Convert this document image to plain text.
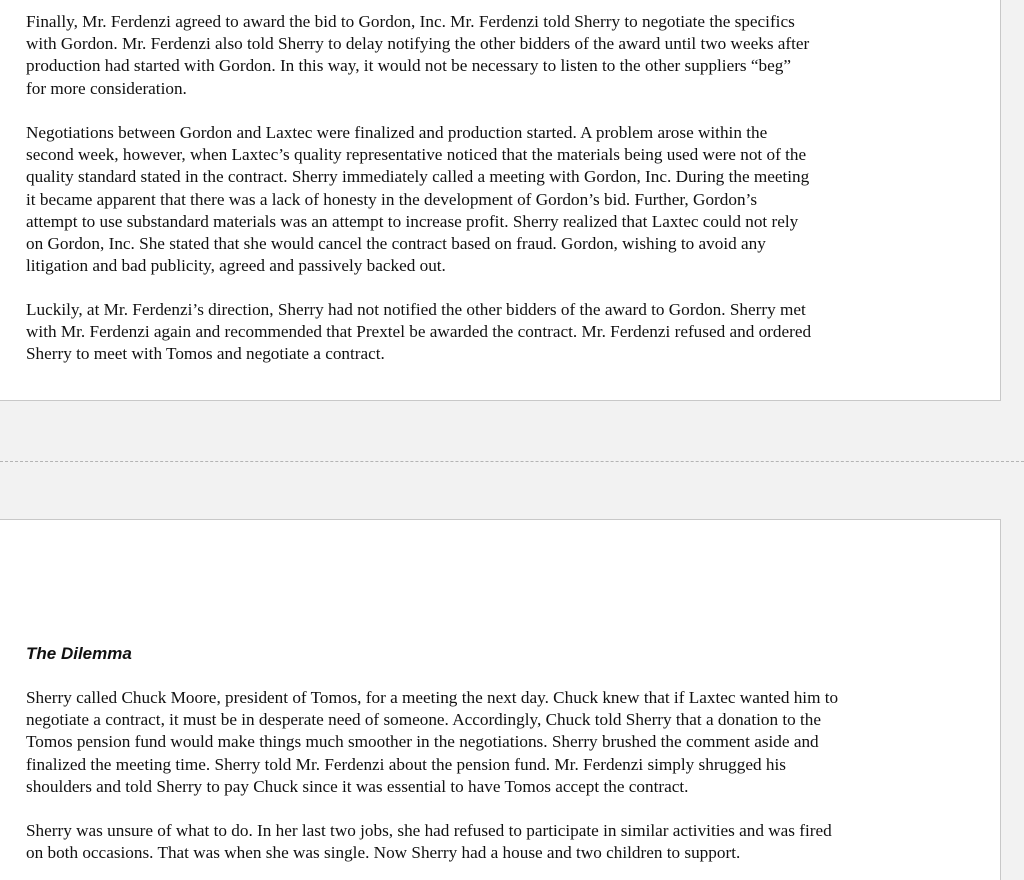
Finally, Mr. Ferdenzi agreed to award the bid to Gordon, Inc. Mr. Ferdenzi told Sherry to negotiate the specifics
with Gordon. Mr. Ferdenzi also told Sherry to delay notifying the other bidders of the award until two weeks after
production had started with Gordon. In this way, it would not be necessary to listen to the other suppliers “beg”
for more consideration.

Negotiations between Gordon and Laxtec were finalized and production started. A problem arose within the
second week, however, when Laxtec’s quality representative noticed that the materials being used were not of the
quality standard stated in the contract. Sherry immediately called a meeting with Gordon, Inc. During the meeting
it became apparent that there was a lack of honesty in the development of Gordon’s bid. Further, Gordon’s
attempt to use substandard materials was an attempt to increase profit. Sherry realized that Laxtec could not rely
on Gordon, Inc. She stated that she would cancel the contract based on fraud. Gordon, wishing to avoid any
litigation and bad publicity, agreed and passively backed out.

Luckily, at Mr. Ferdenzi’s direction, Sherry had not notified the other bidders of the award to Gordon. Sherry met
with Mr. Ferdenzi again and recommended that Prextel be awarded the contract. Mr. Ferdenzi refused and ordered
Sherry to meet with Tomos and negotiate a contract.

The Dilemma

Sherry called Chuck Moore, president of Tomos, for a meeting the next day. Chuck knew that if Laxtec wanted him to
negotiate a contract, it must be in desperate need of someone. Accordingly, Chuck told Sherry that a donation to the
Tomos pension fund would make things much smoother in the negotiations. Sherry brushed the comment aside and
finalized the meeting time. Sherry told Mr. Ferdenzi about the pension fund. Mr. Ferdenzi simply shrugged his
shoulders and told Sherry to pay Chuck since it was essential to have Tomos accept the contract.

Sherry was unsure of what to do. In her last two jobs, she had refused to participate in similar activities and was fired
on both occasions. That was when she was single. Now Sherry had a house and two children to support.
